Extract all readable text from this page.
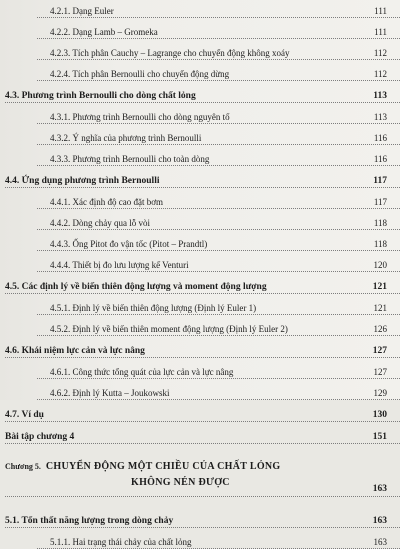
4.2.1. Dạng Euler	111
4.2.2. Dạng Lamb – Gromeka	111
4.2.3. Tích phân Cauchy – Lagrange cho chuyển động không xoáy	112
4.2.4. Tích phân Bernoulli cho chuyển động dừng	112
4.3. Phương trình Bernoulli cho dòng chất lỏng	113
4.3.1. Phương trình Bernoulli cho dòng nguyên tố	113
4.3.2. Ý nghĩa của phương trình Bernoulli	116
4.3.3. Phương trình Bernoulli cho toàn dòng	116
4.4. Ứng dụng phương trình Bernoulli	117
4.4.1. Xác định độ cao đặt bơm	117
4.4.2. Dòng chảy qua lỗ vòi	118
4.4.3. Ống Pitot đo vận tốc (Pitot – Prandtl)	118
4.4.4. Thiết bị đo lưu lượng kế Venturi	120
4.5. Các định lý về biến thiên động lượng và moment động lượng	121
4.5.1. Định lý về biến thiên động lượng (Định lý Euler 1)	121
4.5.2. Định lý về biến thiên moment động lượng (Định lý Euler 2)	126
4.6. Khái niệm lực cản và lực nâng	127
4.6.1. Công thức tổng quát của lực cản và lực nâng	127
4.6.2. Định lý Kutta – Joukowski	129
4.7. Ví dụ	130
Bài tập chương 4	151
Chương 5. CHUYỂN ĐỘNG MỘT CHIỀU CỦA CHẤT LỎNG
KHÔNG NÉN ĐƯỢC
163
5.1. Tổn thất năng lượng trong dòng chảy	163
5.1.1. Hai trạng thái chảy của chất lỏng	163
